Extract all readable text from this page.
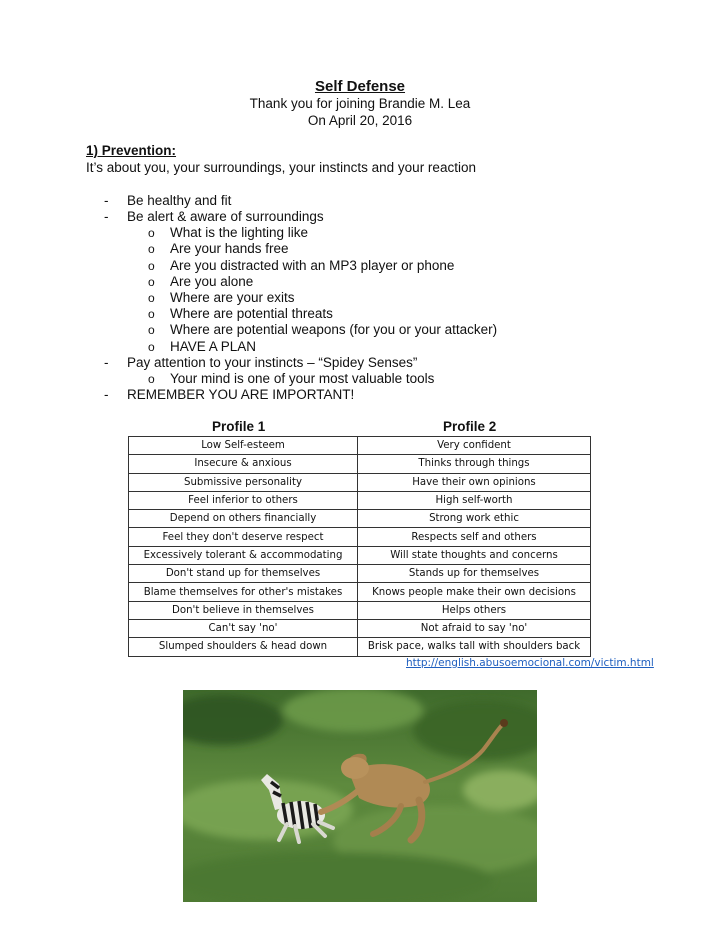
Self Defense
Thank you for joining Brandie M. Lea
On April 20, 2016
1) Prevention:
It’s about you, your surroundings, your instincts and your reaction
- Be healthy and fit
- Be alert & aware of surroundings
o What is the lighting like
o Are your hands free
o Are you distracted with an MP3 player or phone
o Are you alone
o Where are your exits
o Where are potential threats
o Where are potential weapons (for you or your attacker)
o HAVE A PLAN
- Pay attention to your instincts – “Spidey Senses”
o Your mind is one of your most valuable tools
- REMEMBER YOU ARE IMPORTANT!
Profile 1	Profile 2
Low Self-esteem	Very confident
Insecure & anxious	Thinks through things
Submissive personality	Have their own opinions
Feel inferior to others	High self-worth
Depend on others financially	Strong work ethic
Feel they don't deserve respect	Respects self and others
Excessively tolerant & accommodating	Will state thoughts and concerns
Don't stand up for themselves	Stands up for themselves
Blame themselves for other's mistakes	Knows people make their own decisions
Don't believe in themselves	Helps others
Can't say 'no'	Not afraid to say 'no'
Slumped shoulders & head down	Brisk pace, walks tall with shoulders back
http://english.abusoemocional.com/victim.html
